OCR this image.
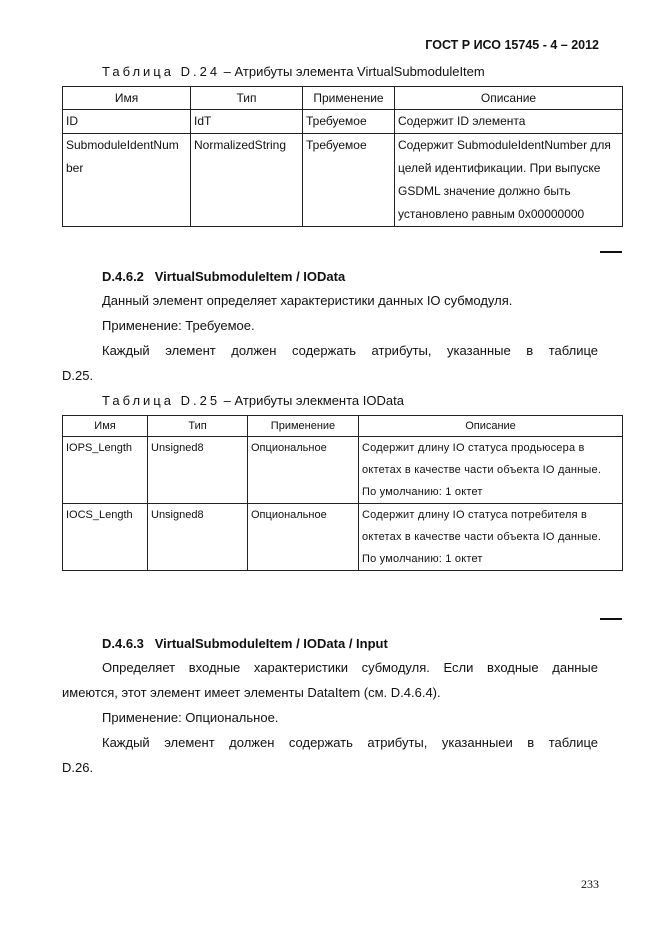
ГОСТ Р ИСО 15745 - 4 – 2012
Таблица D.24 – Атрибуты элемента VirtualSubmoduleItem
Имя	Тип	Применение	Описание
ID	IdT	Требуемое	Содержит ID элемента
SubmoduleIdentNum ber	NormalizedString	Требуемое	Содержит SubmoduleIdentNumber для целей идентификации. При выпуске GSDML значение должно быть установлено равным 0x00000000
D.4.6.2   VirtualSubmoduleItem / IOData
Данный элемент определяет характеристики данных IO субмодуля.
Применение: Требуемое.
Каждый элемент должен содержать атрибуты, указанные в таблице
D.25.
Таблица D.25 – Атрибуты элекмента IOData
Имя	Тип	Применение	Описание
IOPS_Length	Unsigned8	Опциональное	Содержит длину IO статуса продьюсера в октетах в качестве части объекта IO данные.
По умолчанию: 1 октет

IOCS_Length	Unsigned8	Опциональное	Содержит длину IO статуса потребителя в октетах в качестве части объекта IO данные.
По умолчанию: 1 октет
D.4.6.3   VirtualSubmoduleItem / IOData / Input
Определяет входные характеристики субмодуля. Если входные данные
имеются, этот элемент имеет элементы DataItem (см. D.4.6.4).
Применение: Опциональное.
Каждый элемент должен содержать атрибуты, указанныеи в таблице
D.26.
233
